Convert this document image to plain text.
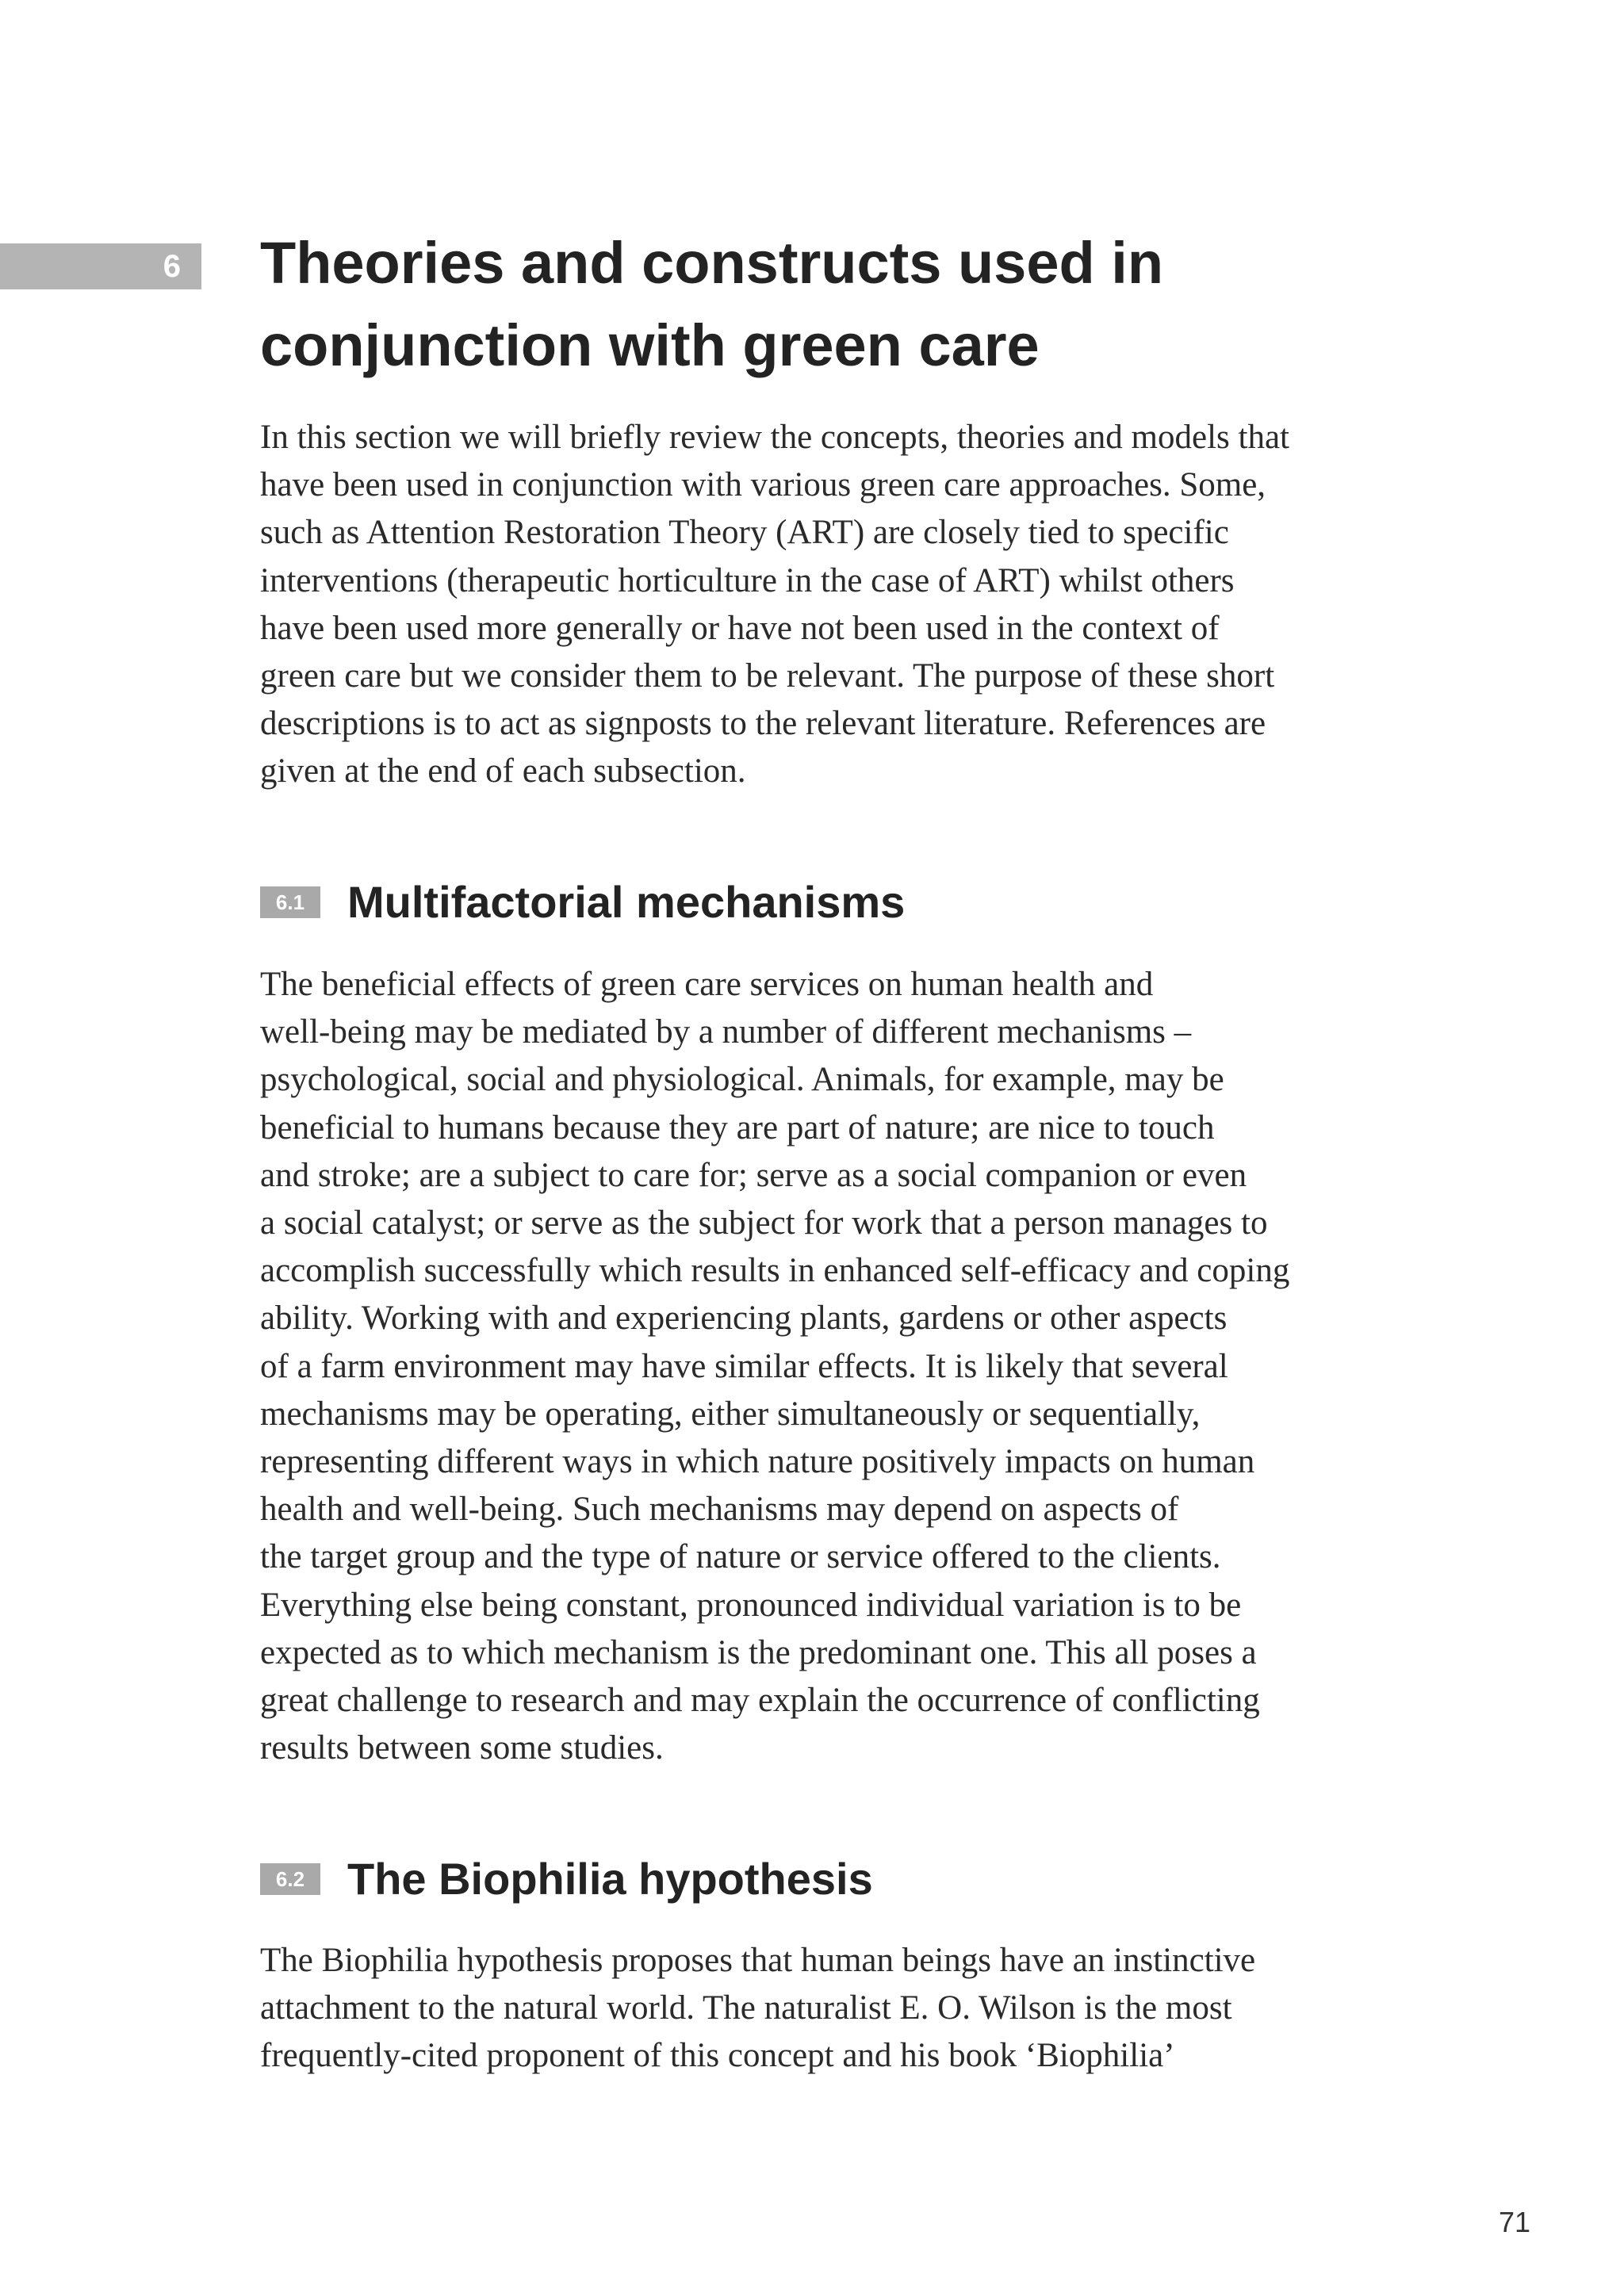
6 Theories and constructs used in
conjunction with green care

In this section we will briefly review the concepts, theories and models that
have been used in conjunction with various green care approaches. Some,
such as Attention Restoration Theory (ART) are closely tied to specific
interventions (therapeutic horticulture in the case of ART) whilst others
have been used more generally or have not been used in the context of
green care but we consider them to be relevant. The purpose of these short
descriptions is to act as signposts to the relevant literature. References are
given at the end of each subsection.

6.1 Multifactorial mechanisms

The beneficial effects of green care services on human health and
well-being may be mediated by a number of different mechanisms –
psychological, social and physiological. Animals, for example, may be
beneficial to humans because they are part of nature; are nice to touch
and stroke; are a subject to care for; serve as a social companion or even
a social catalyst; or serve as the subject for work that a person manages to
accomplish successfully which results in enhanced self-efficacy and coping
ability. Working with and experiencing plants, gardens or other aspects
of a farm environment may have similar effects. It is likely that several
mechanisms may be operating, either simultaneously or sequentially,
representing different ways in which nature positively impacts on human
health and well-being. Such mechanisms may depend on aspects of
the target group and the type of nature or service offered to the clients.
Everything else being constant, pronounced individual variation is to be
expected as to which mechanism is the predominant one. This all poses a
great challenge to research and may explain the occurrence of conflicting
results between some studies.

6.2 The Biophilia hypothesis

The Biophilia hypothesis proposes that human beings have an instinctive
attachment to the natural world. The naturalist E. O. Wilson is the most
frequently-cited proponent of this concept and his book ‘Biophilia’

71
